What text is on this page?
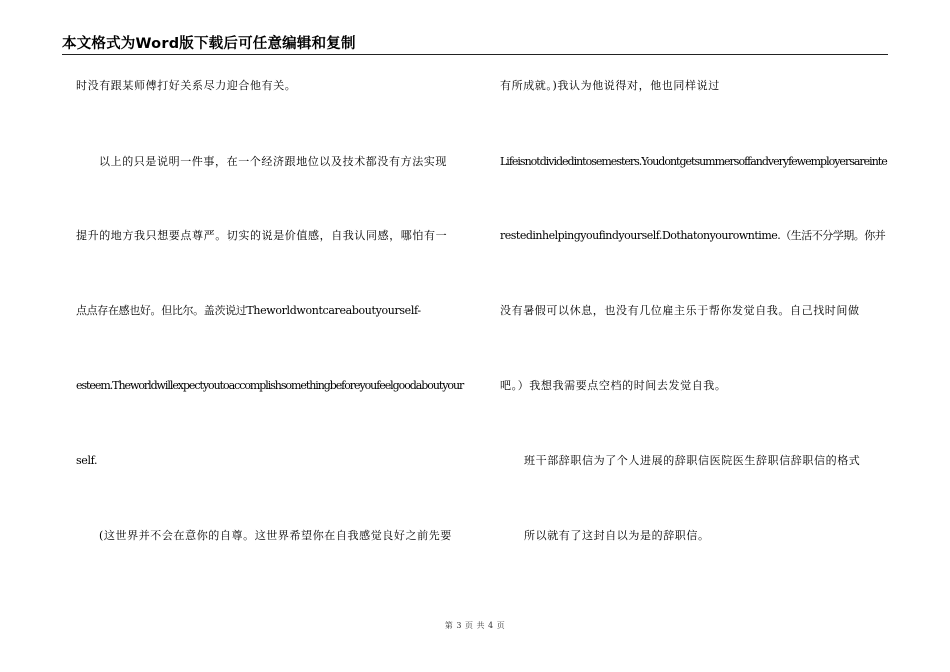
本文格式为Word版下载后可任意编辑和复制
时没有跟某师傅打好关系尽力迎合他有关。
以上的只是说明一件事，在一个经济跟地位以及技术都没有方法实现
提升的地方我只想要点尊严。切实的说是价值感，自我认同感，哪怕有一
点点存在感也好。但比尔。盖茨说过Theworldwontcareaboutyourself-
esteem.Theworldwillexpectyoutoaccomplishsomethingbeforeyoufeelgoodaboutyour
self.
(这世界并不会在意你的自尊。这世界希望你在自我感觉良好之前先要
有所成就。)我认为他说得对，他也同样说过
Lifeisnotdividedintosemesters.Youdontgetsummersoffandveryfewemployersareinte
restedinhelpingyoufindyourself.Dothatonyourowntime.（生活不分学期。你并
没有暑假可以休息，也没有几位雇主乐于帮你发觉自我。自己找时间做
吧。）我想我需要点空档的时间去发觉自我。
班干部辞职信为了个人进展的辞职信医院医生辞职信辞职信的格式
所以就有了这封自以为是的辞职信。
第 3 页 共 4 页
